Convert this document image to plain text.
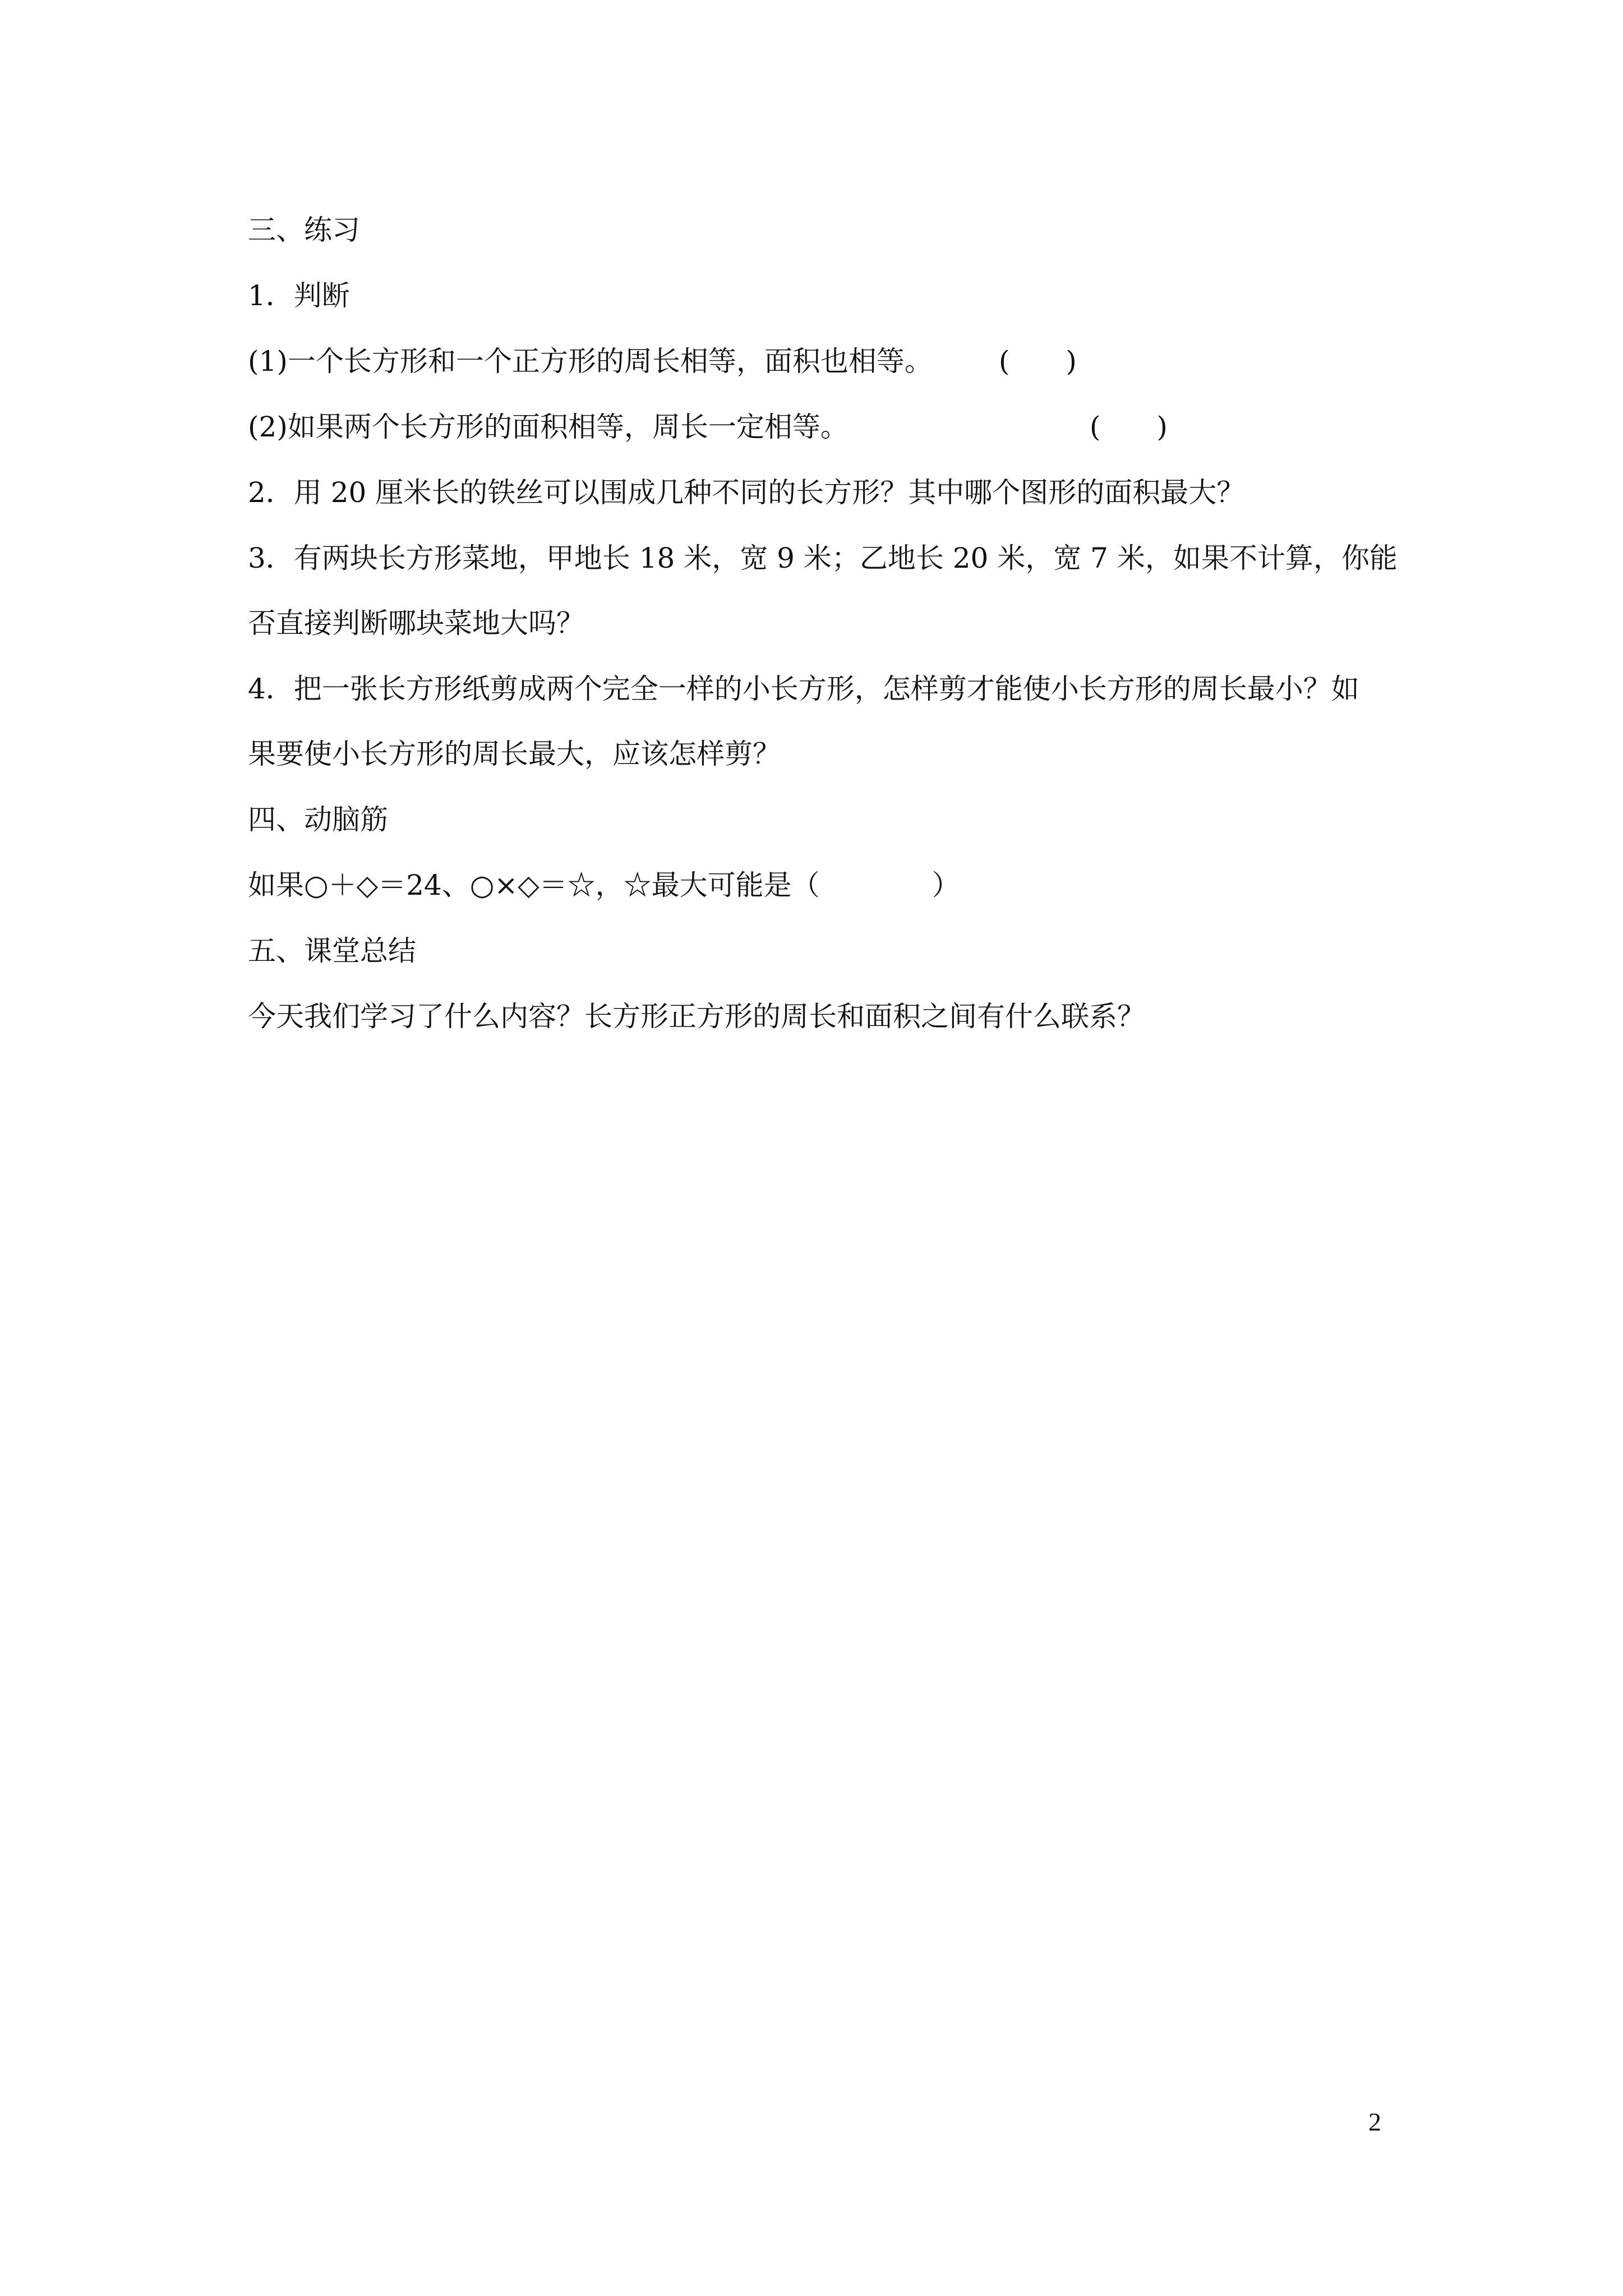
三、练习
1．判断
(1)一个长方形和一个正方形的周长相等，面积也相等。 (　　)
(2)如果两个长方形的面积相等，周长一定相等。	(　　)
2．用 20 厘米长的铁丝可以围成几种不同的长方形？其中哪个图形的面积最大？
3．有两块长方形菜地，甲地长 18 米，宽 9 米；乙地长 20 米，宽 7 米，如果不计算，你能
否直接判断哪块菜地大吗？
4．把一张长方形纸剪成两个完全一样的小长方形，怎样剪才能使小长方形的周长最小？如
果要使小长方形的周长最大，应该怎样剪？
四、动脑筋
如果○＋◇＝24、○×◇＝☆，☆最大可能是（　　　　）
五、课堂总结
今天我们学习了什么内容？长方形正方形的周长和面积之间有什么联系？
2
